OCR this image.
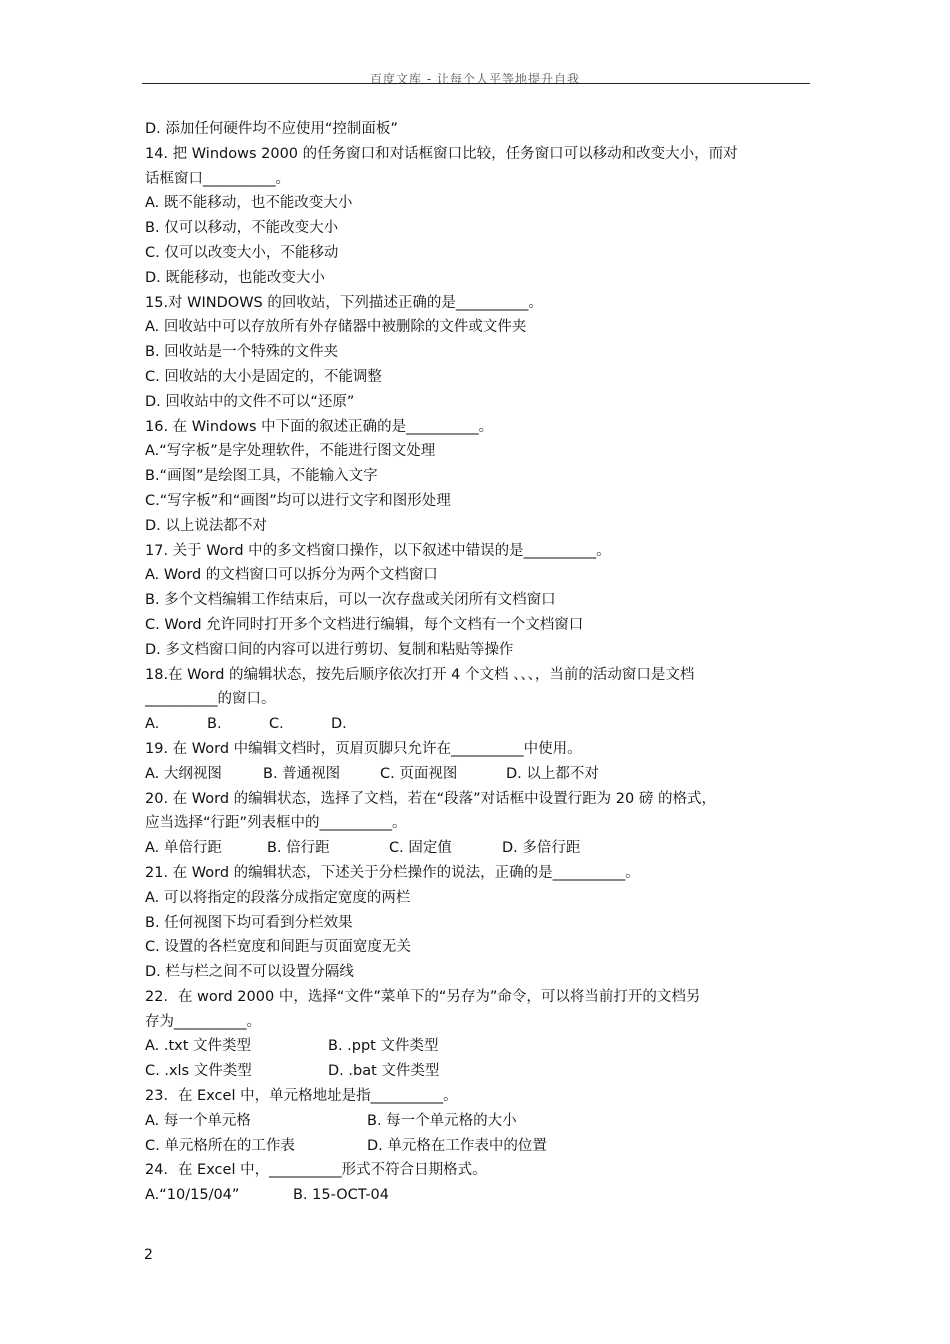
百度文库 - 让每个人平等地提升自我
D. 添加任何硬件均不应使用“控制面板”
14. 把 Windows 2000 的任务窗口和对话框窗口比较，任务窗口可以移动和改变大小，而对
话框窗口__________。
A. 既不能移动，也不能改变大小
B. 仅可以移动，不能改变大小
C. 仅可以改变大小，不能移动
D. 既能移动，也能改变大小
15.对 WINDOWS 的回收站，下列描述正确的是__________。
A. 回收站中可以存放所有外存储器中被删除的文件或文件夹
B. 回收站是一个特殊的文件夹
C. 回收站的大小是固定的，不能调整
D. 回收站中的文件不可以“还原”
16. 在 Windows 中下面的叙述正确的是__________。
A.“写字板”是字处理软件，不能进行图文处理
B.“画图”是绘图工具，不能输入文字
C.“写字板”和“画图”均可以进行文字和图形处理
D. 以上说法都不对
17. 关于 Word 中的多文档窗口操作，以下叙述中错误的是__________。
A. Word 的文档窗口可以拆分为两个文档窗口
B. 多个文档编辑工作结束后，可以一次存盘或关闭所有文档窗口
C. Word 允许同时打开多个文档进行编辑，每个文档有一个文档窗口
D. 多文档窗口间的内容可以进行剪切、复制和粘贴等操作
18.在 Word 的编辑状态，按先后顺序依次打开 4 个文档 、、、，当前的活动窗口是文档
__________的窗口。
A.	B.	C.	D.
19. 在 Word 中编辑文档时，页眉页脚只允许在__________中使用。
A. 大纲视图	B. 普通视图	C. 页面视图	D. 以上都不对
20. 在 Word 的编辑状态，选择了文档，若在“段落”对话框中设置行距为 20 磅 的格式，
应当选择“行距”列表框中的__________。
A. 单倍行距	B. 倍行距	C. 固定值	D. 多倍行距
21. 在 Word 的编辑状态，下述关于分栏操作的说法，正确的是__________。
A. 可以将指定的段落分成指定宽度的两栏
B. 任何视图下均可看到分栏效果
C. 设置的各栏宽度和间距与页面宽度无关
D. 栏与栏之间不可以设置分隔线
22．在 word 2000 中，选择“文件”菜单下的“另存为”命令，可以将当前打开的文档另
存为__________。
A. .txt 文件类型	B. .ppt 文件类型
C. .xls 文件类型	D. .bat 文件类型
23．在 Excel 中，单元格地址是指__________。
A. 每一个单元格	B. 每一个单元格的大小
C. 单元格所在的工作表	D. 单元格在工作表中的位置
24．在 Excel 中，__________形式不符合日期格式。
A.“10/15/04”	B. 15-OCT-04
2
